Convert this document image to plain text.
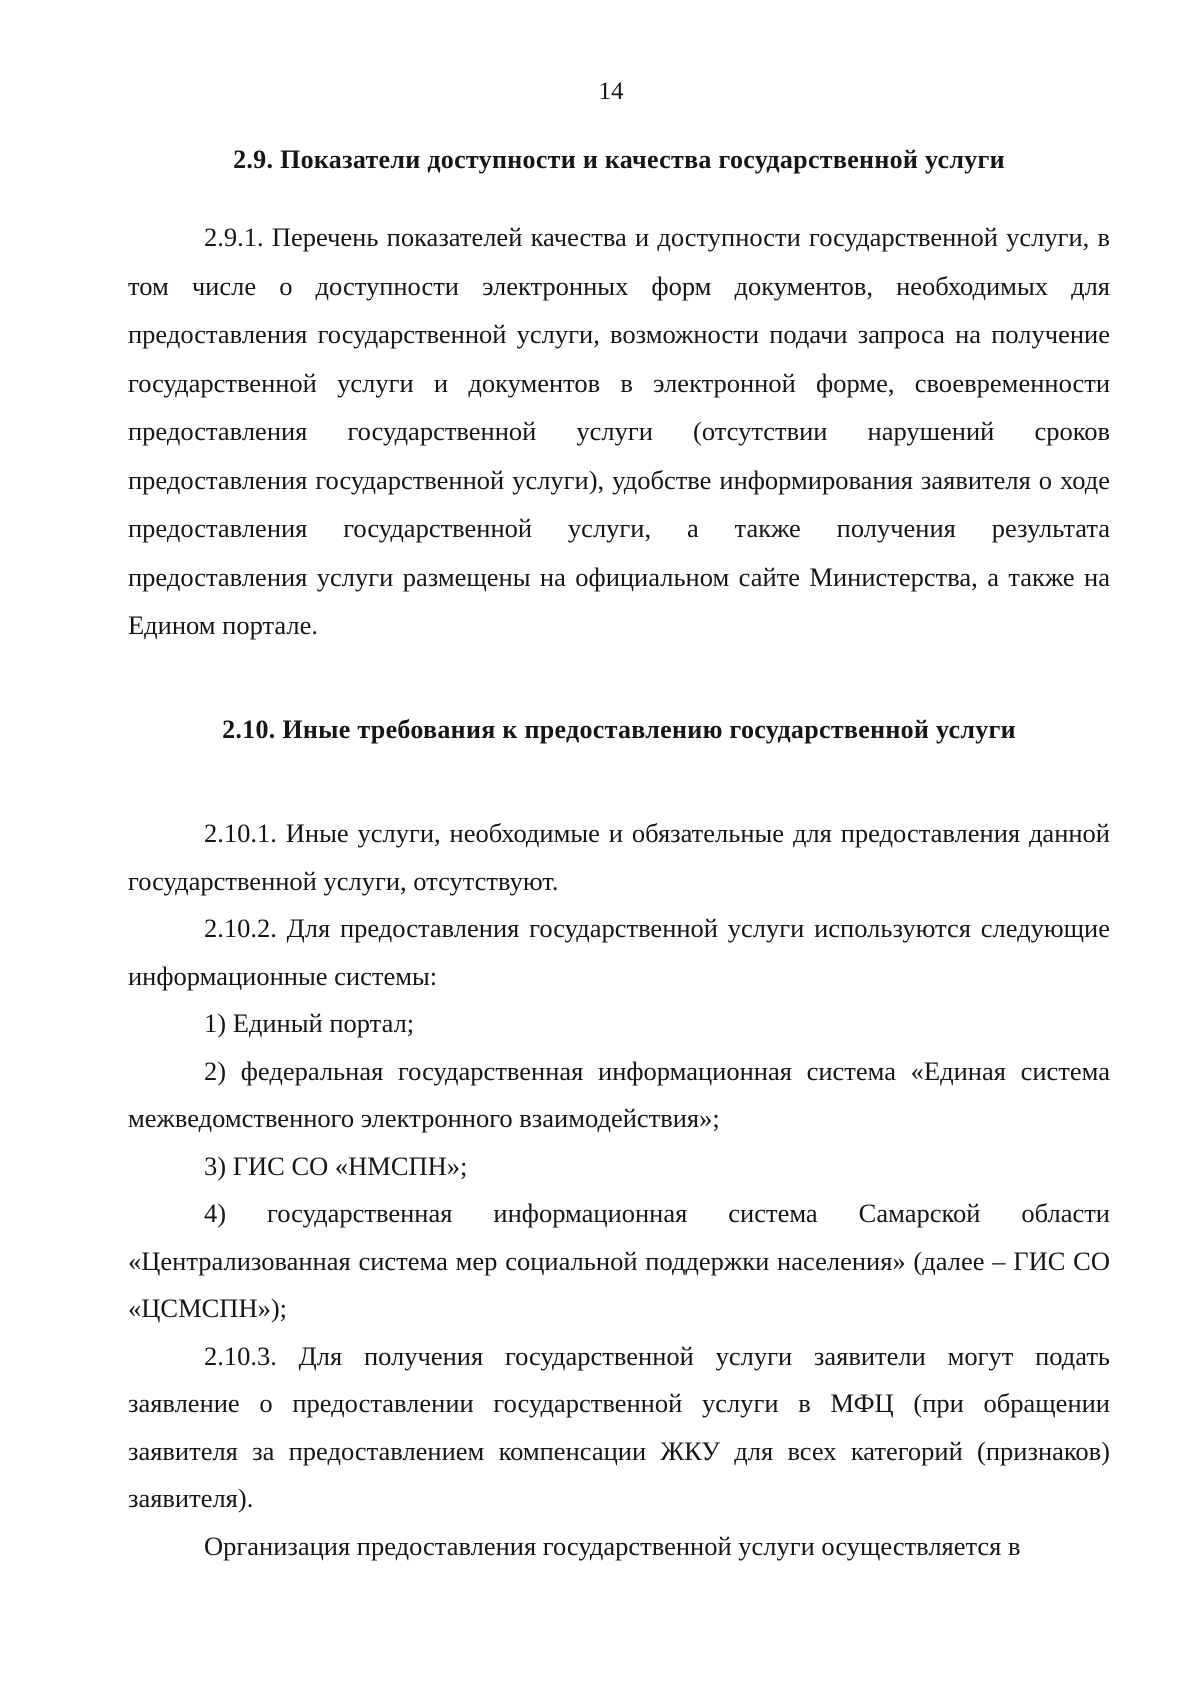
14
2.9. Показатели доступности и качества государственной услуги

2.9.1. Перечень показателей качества и доступности государственной услуги, в том числе о доступности электронных форм документов, необходимых для предоставления государственной услуги, возможности подачи запроса на получение государственной услуги и документов в электронной форме, своевременности предоставления государственной услуги (отсутствии нарушений сроков предоставления государственной услуги), удобстве информирования заявителя о ходе предоставления государственной услуги, а также получения результата предоставления услуги размещены на официальном сайте Министерства, а также на Едином портале.

2.10. Иные требования к предоставлению государственной услуги

2.10.1. Иные услуги, необходимые и обязательные для предоставления данной государственной услуги, отсутствуют.

2.10.2. Для предоставления государственной услуги используются следующие информационные системы:

1) Единый портал;

2) федеральная государственная информационная система «Единая система межведомственного электронного взаимодействия»;

3) ГИС СО «НМСПН»;

4) государственная информационная система Самарской области «Централизованная система мер социальной поддержки населения» (далее – ГИС СО «ЦСМСПН»);

2.10.3. Для получения государственной услуги заявители могут подать заявление о предоставлении государственной услуги в МФЦ (при обращении заявителя за предоставлением компенсации ЖКУ для всех категорий (признаков) заявителя).

Организация предоставления государственной услуги осуществляется в
